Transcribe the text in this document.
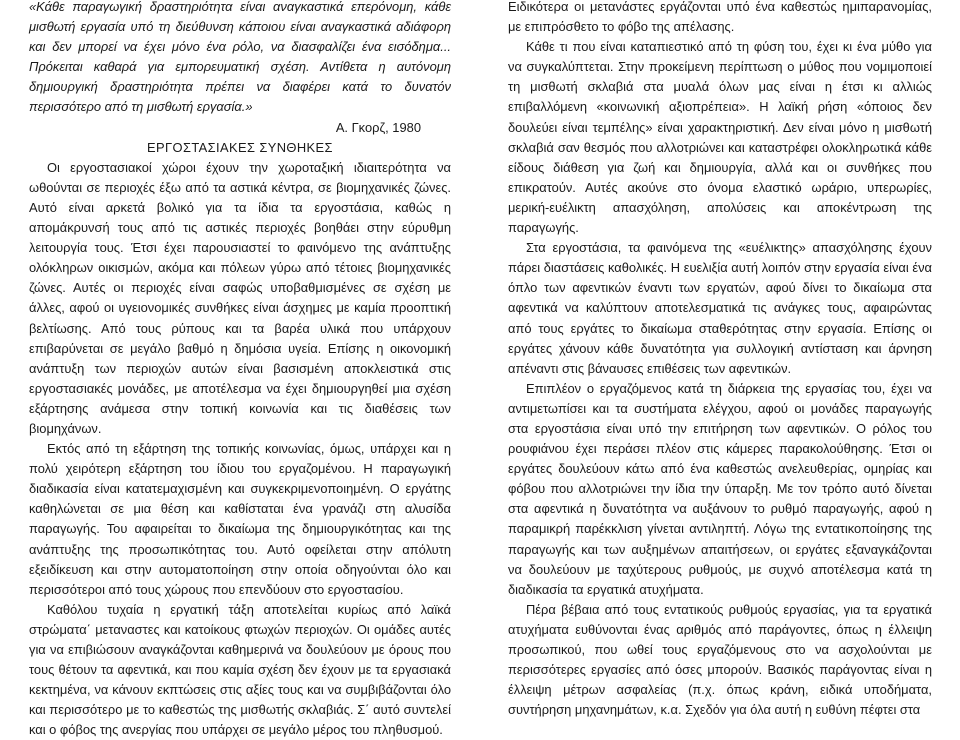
«Κάθε παραγωγική δραστηριότητα είναι αναγκαστικά επερόνομη, κάθε μισθωτή εργασία υπό τη διεύθυνση κάποιου είναι αναγκαστικά αδιάφορη και δεν μπορεί να έχει μόνο ένα ρόλο, να διασφαλίζει ένα εισόδημα... Πρόκειται καθαρά για εμπορευματική σχέση. Αντίθετα η αυτόνομη δημιουργική δραστηριότητα πρέπει να διαφέρει κατά το δυνατόν περισσότερο από τη μισθωτή εργασία.»

Α. Γκορζ, 1980

ΕΡΓΟΣΤΑΣΙΑΚΕΣ ΣΥΝΘΗΚΕΣ

Οι εργοστασιακοί χώροι έχουν την χωροταξική ιδιαιτερότητα να ωθούνται σε περιοχές έξω από τα αστικά κέντρα, σε βιομηχανικές ζώνες. Αυτό είναι αρκετά βολικό για τα ίδια τα εργοστάσια, καθώς η απομάκρυνσή τους από τις αστικές περιοχές βοηθάει στην εύρυθμη λειτουργία τους. Έτσι έχει παρουσιαστεί το φαινόμενο της ανάπτυξης ολόκληρων οικισμών, ακόμα και πόλεων γύρω από τέτοιες βιομηχανικές ζώνες. Αυτές οι περιοχές είναι σαφώς υποβαθμισμένες σε σχέση με άλλες, αφού οι υγειονομικές συνθήκες είναι άσχημες με καμία προοπτική βελτίωσης. Από τους ρύπους και τα βαρέα υλικά που υπάρχουν επιβαρύνεται σε μεγάλο βαθμό η δημόσια υγεία. Επίσης η οικονομική ανάπτυξη των περιοχών αυτών είναι βασισμένη αποκλειστικά στις εργοστασιακές μονάδες, με αποτέλεσμα να έχει δημιουργηθεί μια σχέση εξάρτησης ανάμεσα στην τοπική κοινωνία και τις διαθέσεις των βιομηχάνων.

Εκτός από τη εξάρτηση της τοπικής κοινωνίας, όμως, υπάρχει και η πολύ χειρότερη εξάρτηση του ίδιου του εργαζομένου. Η παραγωγική διαδικασία είναι κατατεμαχισμένη και συγκεκριμενοποιημένη. Ο εργάτης καθηλώνεται σε μια θέση και καθίσταται ένα γρανάζι στη αλυσίδα παραγωγής. Του αφαιρείται το δικαίωμα της δημιουργικότητας και της ανάπτυξης της προσωπικότητας του. Αυτό οφείλεται στην απόλυτη εξειδίκευση και στην αυτοματοποίηση στην οποία οδηγούνται όλο και περισσότεροι από τους χώρους που επενδύουν στο εργοστασίου.

Καθόλου τυχαία η εργατική τάξη αποτελείται κυρίως από λαϊκά στρώματα΄ μεταναστες και κατοίκους φτωχών περιοχών. Οι ομάδες αυτές για να επιβιώσουν αναγκάζονται καθημερινά να δουλεύουν με όρους που τους θέτουν τα αφεντικά, και που καμία σχέση δεν έχουν με τα εργασιακά κεκτημένα, να κάνουν εκπτώσεις στις αξίες τους και να συμβιβάζονται όλο και περισσότερο με το καθεστώς της μισθωτής σκλαβιάς. Σ΄ αυτό συντελεί και ο φόβος της ανεργίας που υπάρχει σε μεγάλο μέρος του πληθυσμού.

Ειδικότερα οι μετανάστες εργάζονται υπό ένα καθεστώς ημιπαρανομίας, με επιπρόσθετο το φόβο της απέλασης.

Κάθε τι που είναι καταπιεστικό από τη φύση του, έχει κι ένα μύθο για να συγκαλύπτεται. Στην προκείμενη περίπτωση ο μύθος που νομιμοποιεί τη μισθωτή σκλαβιά στα μυαλά όλων μας είναι η έτσι κι αλλιώς επιβαλλόμενη «κοινωνική αξιοπρέπεια». Η λαϊκή ρήση «όποιος δεν δουλεύει είναι τεμπέλης» είναι χαρακτηριστική. Δεν είναι μόνο η μισθωτή σκλαβιά σαν θεσμός που αλλοτριώνει και καταστρέφει ολοκληρωτικά κάθε είδους διάθεση για ζωή και δημιουργία, αλλά και οι συνθήκες που επικρατούν. Αυτές ακούνε στο όνομα ελαστικό ωράριο, υπερωρίες, μερική-ευέλικτη απασχόληση, απολύσεις και αποκέντρωση της παραγωγής.

Στα εργοστάσια, τα φαινόμενα της «ευέλικτης» απασχόλησης έχουν πάρει διαστάσεις καθολικές. Η ευελιξία αυτή λοιπόν στην εργασία είναι ένα όπλο των αφεντικών έναντι των εργατών, αφού δίνει το δικαίωμα στα αφεντικά να καλύπτουν αποτελεσματικά τις ανάγκες τους, αφαιρώντας από τους εργάτες το δικαίωμα σταθερότητας στην εργασία. Επίσης οι εργάτες χάνουν κάθε δυνατότητα για συλλογική αντίσταση και άρνηση απέναντι στις βάναυσες επιθέσεις των αφεντικών.

Επιπλέον ο εργαζόμενος κατά τη διάρκεια της εργασίας του, έχει να αντιμετωπίσει και τα συστήματα ελέγχου, αφού οι μονάδες παραγωγής στα εργοστάσια είναι υπό την επιτήρηση των αφεντικών. Ο ρόλος του ρουφιάνου έχει περάσει πλέον στις κάμερες παρακολούθησης. Έτσι οι εργάτες δουλεύουν κάτω από ένα καθεστώς ανελευθερίας, ομηρίας και φόβου που αλλοτριώνει την ίδια την ύπαρξη. Με τον τρόπο αυτό δίνεται στα αφεντικά η δυνατότητα να αυξάνουν το ρυθμό παραγωγής, αφού η παραμικρή παρέκκλιση γίνεται αντιληπτή. Λόγω της εντατικοποίησης της παραγωγής και των αυξημένων απαιτήσεων, οι εργάτες εξαναγκάζονται να δουλεύουν με ταχύτερους ρυθμούς, με συχνό αποτέλεσμα κατά τη διαδικασία τα εργατικά ατυχήματα.

Πέρα βέβαια από τους εντατικούς ρυθμούς εργασίας, για τα εργατικά ατυχήματα ευθύνονται ένας αριθμός από παράγοντες, όπως η έλλειψη προσωπικού, που ωθεί τους εργαζόμενους στο να ασχολούνται με περισσότερες εργασίες από όσες μπορούν. Βασικός παράγοντας είναι η έλλειψη μέτρων ασφαλείας (π.χ. όπως κράνη, ειδικά υποδήματα, συντήρηση μηχανημάτων, κ.α. Σχεδόν για όλα αυτή η ευθύνη πέφτει στα
